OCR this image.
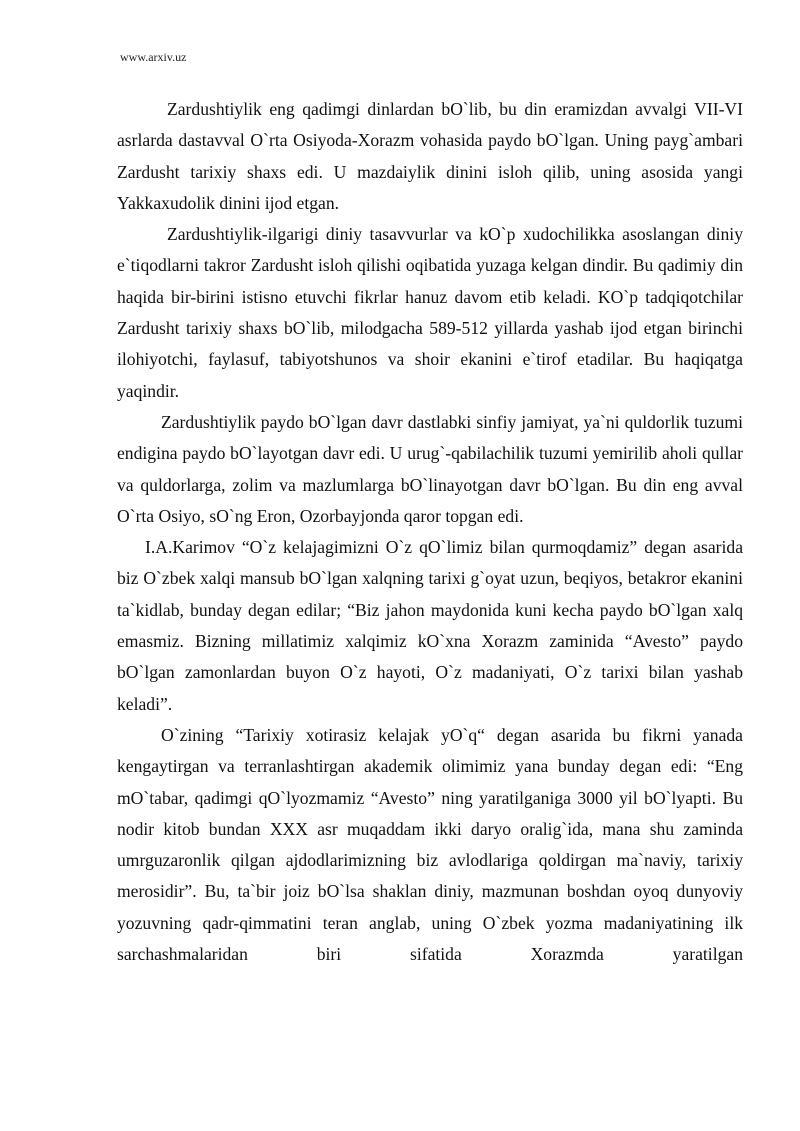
www.arxiv.uz

Zardushtiylik eng qadimgi dinlardan bO`lib, bu din eramizdan avvalgi VII-VI asrlarda dastavval O`rta Osiyoda-Xorazm vohasida paydo bO`lgan. Uning payg`ambari Zardusht tarixiy shaxs edi. U mazdaiylik dinini isloh qilib, uning asosida yangi Yakkaxudolik dinini ijod etgan.

Zardushtiylik-ilgarigi diniy tasavvurlar va kO`p xudochilikka asoslangan diniy e`tiqodlarni takror Zardusht isloh qilishi oqibatida yuzaga kelgan dindir. Bu qadimiy din haqida bir-birini istisno etuvchi fikrlar hanuz davom etib keladi. KO`p tadqiqotchilar Zardusht tarixiy shaxs bO`lib, milodgacha 589-512 yillarda yashab ijod etgan birinchi ilohiyotchi, faylasuf, tabiyotshunos va shoir ekanini e`tirof etadilar. Bu haqiqatga yaqindir.

Zardushtiylik paydo bO`lgan davr dastlabki sinfiy jamiyat, ya`ni quldorlik tuzumi endigina paydo bO`layotgan davr edi. U urug`-qabilachilik tuzumi yemirilib aholi qullar va quldorlarga, zolim va mazlumlarga bO`linayotgan davr bO`lgan. Bu din eng avval O`rta Osiyo, sO`ng Eron, Ozorbayjonda qaror topgan edi.

I.A.Karimov “O`z kelajagimizni O`z qO`limiz bilan qurmoqdamiz” degan asarida biz O`zbek xalqi mansub bO`lgan xalqning tarixi g`oyat uzun, beqiyos, betakror ekanini ta`kidlab, bunday degan edilar; “Biz jahon maydonida kuni kecha paydo bO`lgan xalq emasmiz. Bizning millatimiz xalqimiz kO`xna Xorazm zaminida “Avesto” paydo bO`lgan zamonlardan buyon O`z hayoti, O`z madaniyati, O`z tarixi bilan yashab keladi”.

O`zining “Tarixiy xotirasiz kelajak yO`q“ degan asarida bu fikrni yanada kengaytirgan va terranlashtirgan akademik olimimiz yana bunday degan edi: “Eng mO`tabar, qadimgi qO`lyozmamiz “Avesto” ning yaratilganiga 3000 yil bO`lyapti. Bu nodir kitob bundan XXX asr muqaddam ikki daryo oralig`ida, mana shu zaminda umrguzaronlik qilgan ajdodlarimizning biz avlodlariga qoldirgan ma`naviy, tarixiy merosidir”. Bu, ta`bir joiz bO`lsa shaklan diniy, mazmunan boshdan oyoq dunyoviy yozuvning qadr-qimmatini teran anglab, uning O`zbek yozma madaniyatining ilk sarchashmalaridan biri sifatida Xorazmda yaratilgan
